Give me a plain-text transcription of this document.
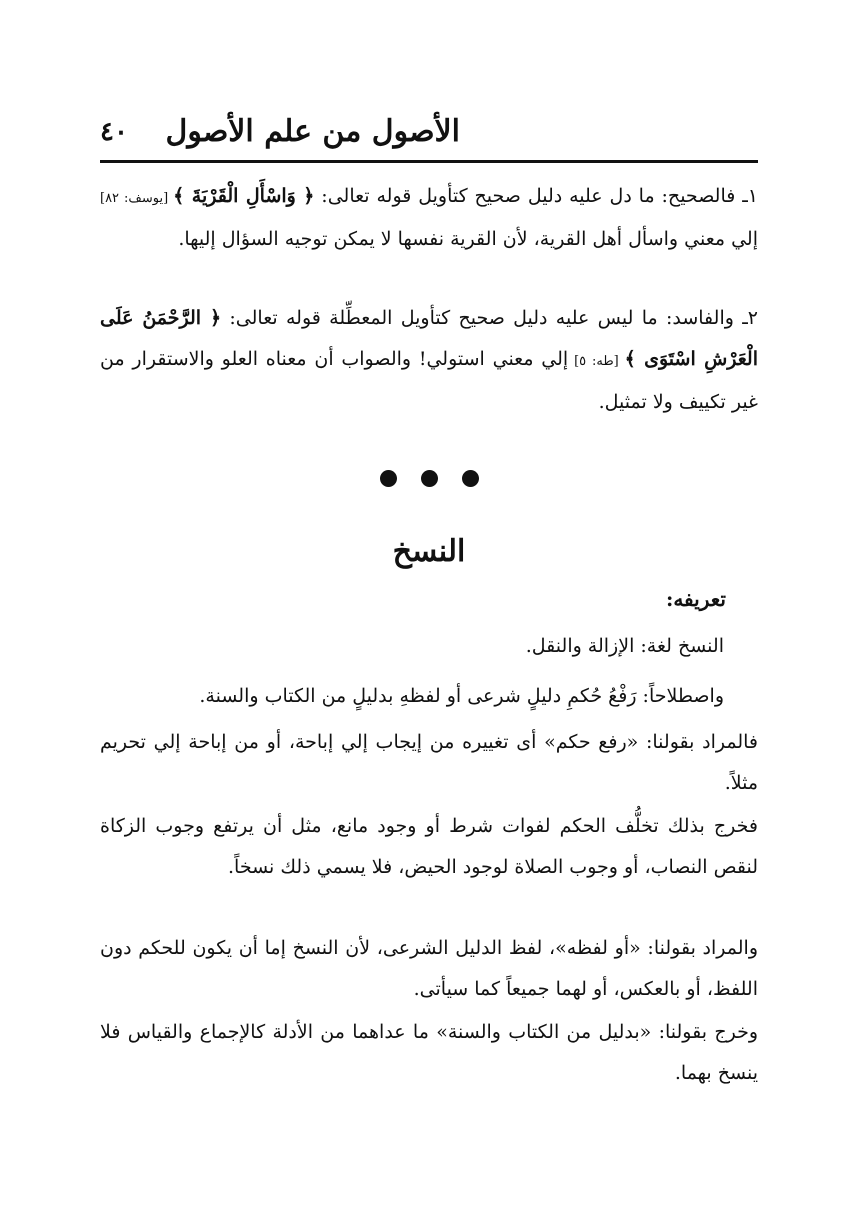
الأصول من علم الأصول
٤٠
١ـ فالصحيح: ما دل عليه دليل صحيح كتأويل قوله تعالى: ﴿ وَاسْأَلِ الْقَرْيَةَ ﴾ [يوسف: ٨٢] إلي معني واسأل أهل القرية، لأن القرية نفسها لا يمكن توجيه السؤال إليها.
٢ـ والفاسد: ما ليس عليه دليل صحيح كتأويل المعطِّلة قوله تعالى: ﴿ الرَّحْمَنُ عَلَى الْعَرْشِ اسْتَوَى ﴾ [طه: ٥] إلي معني استولي! والصواب أن معناه العلو والاستقرار من غير تكييف ولا تمثيل.
النسخ
تعريفه:
النسخ لغة: الإزالة والنقل.
واصطلاحاً: رَفْعُ حُكمِ دليلٍ شرعى أو لفظهِ بدليلٍ من الكتاب والسنة.
فالمراد بقولنا: «رفع حكم» أى تغييره من إيجاب إلي إباحة، أو من إباحة إلي تحريم مثلاً.
فخرج بذلك تخلُّف الحكم لفوات شرط أو وجود مانع، مثل أن يرتفع وجوب الزكاة لنقص النصاب، أو وجوب الصلاة لوجود الحيض، فلا يسمي ذلك نسخاً.
والمراد بقولنا: «أو لفظه»، لفظ الدليل الشرعى، لأن النسخ إما أن يكون للحكم دون اللفظ، أو بالعكس، أو لهما جميعاً كما سيأتى.
وخرج بقولنا: «بدليل من الكتاب والسنة» ما عداهما من الأدلة كالإجماع والقياس فلا ينسخ بهما.
